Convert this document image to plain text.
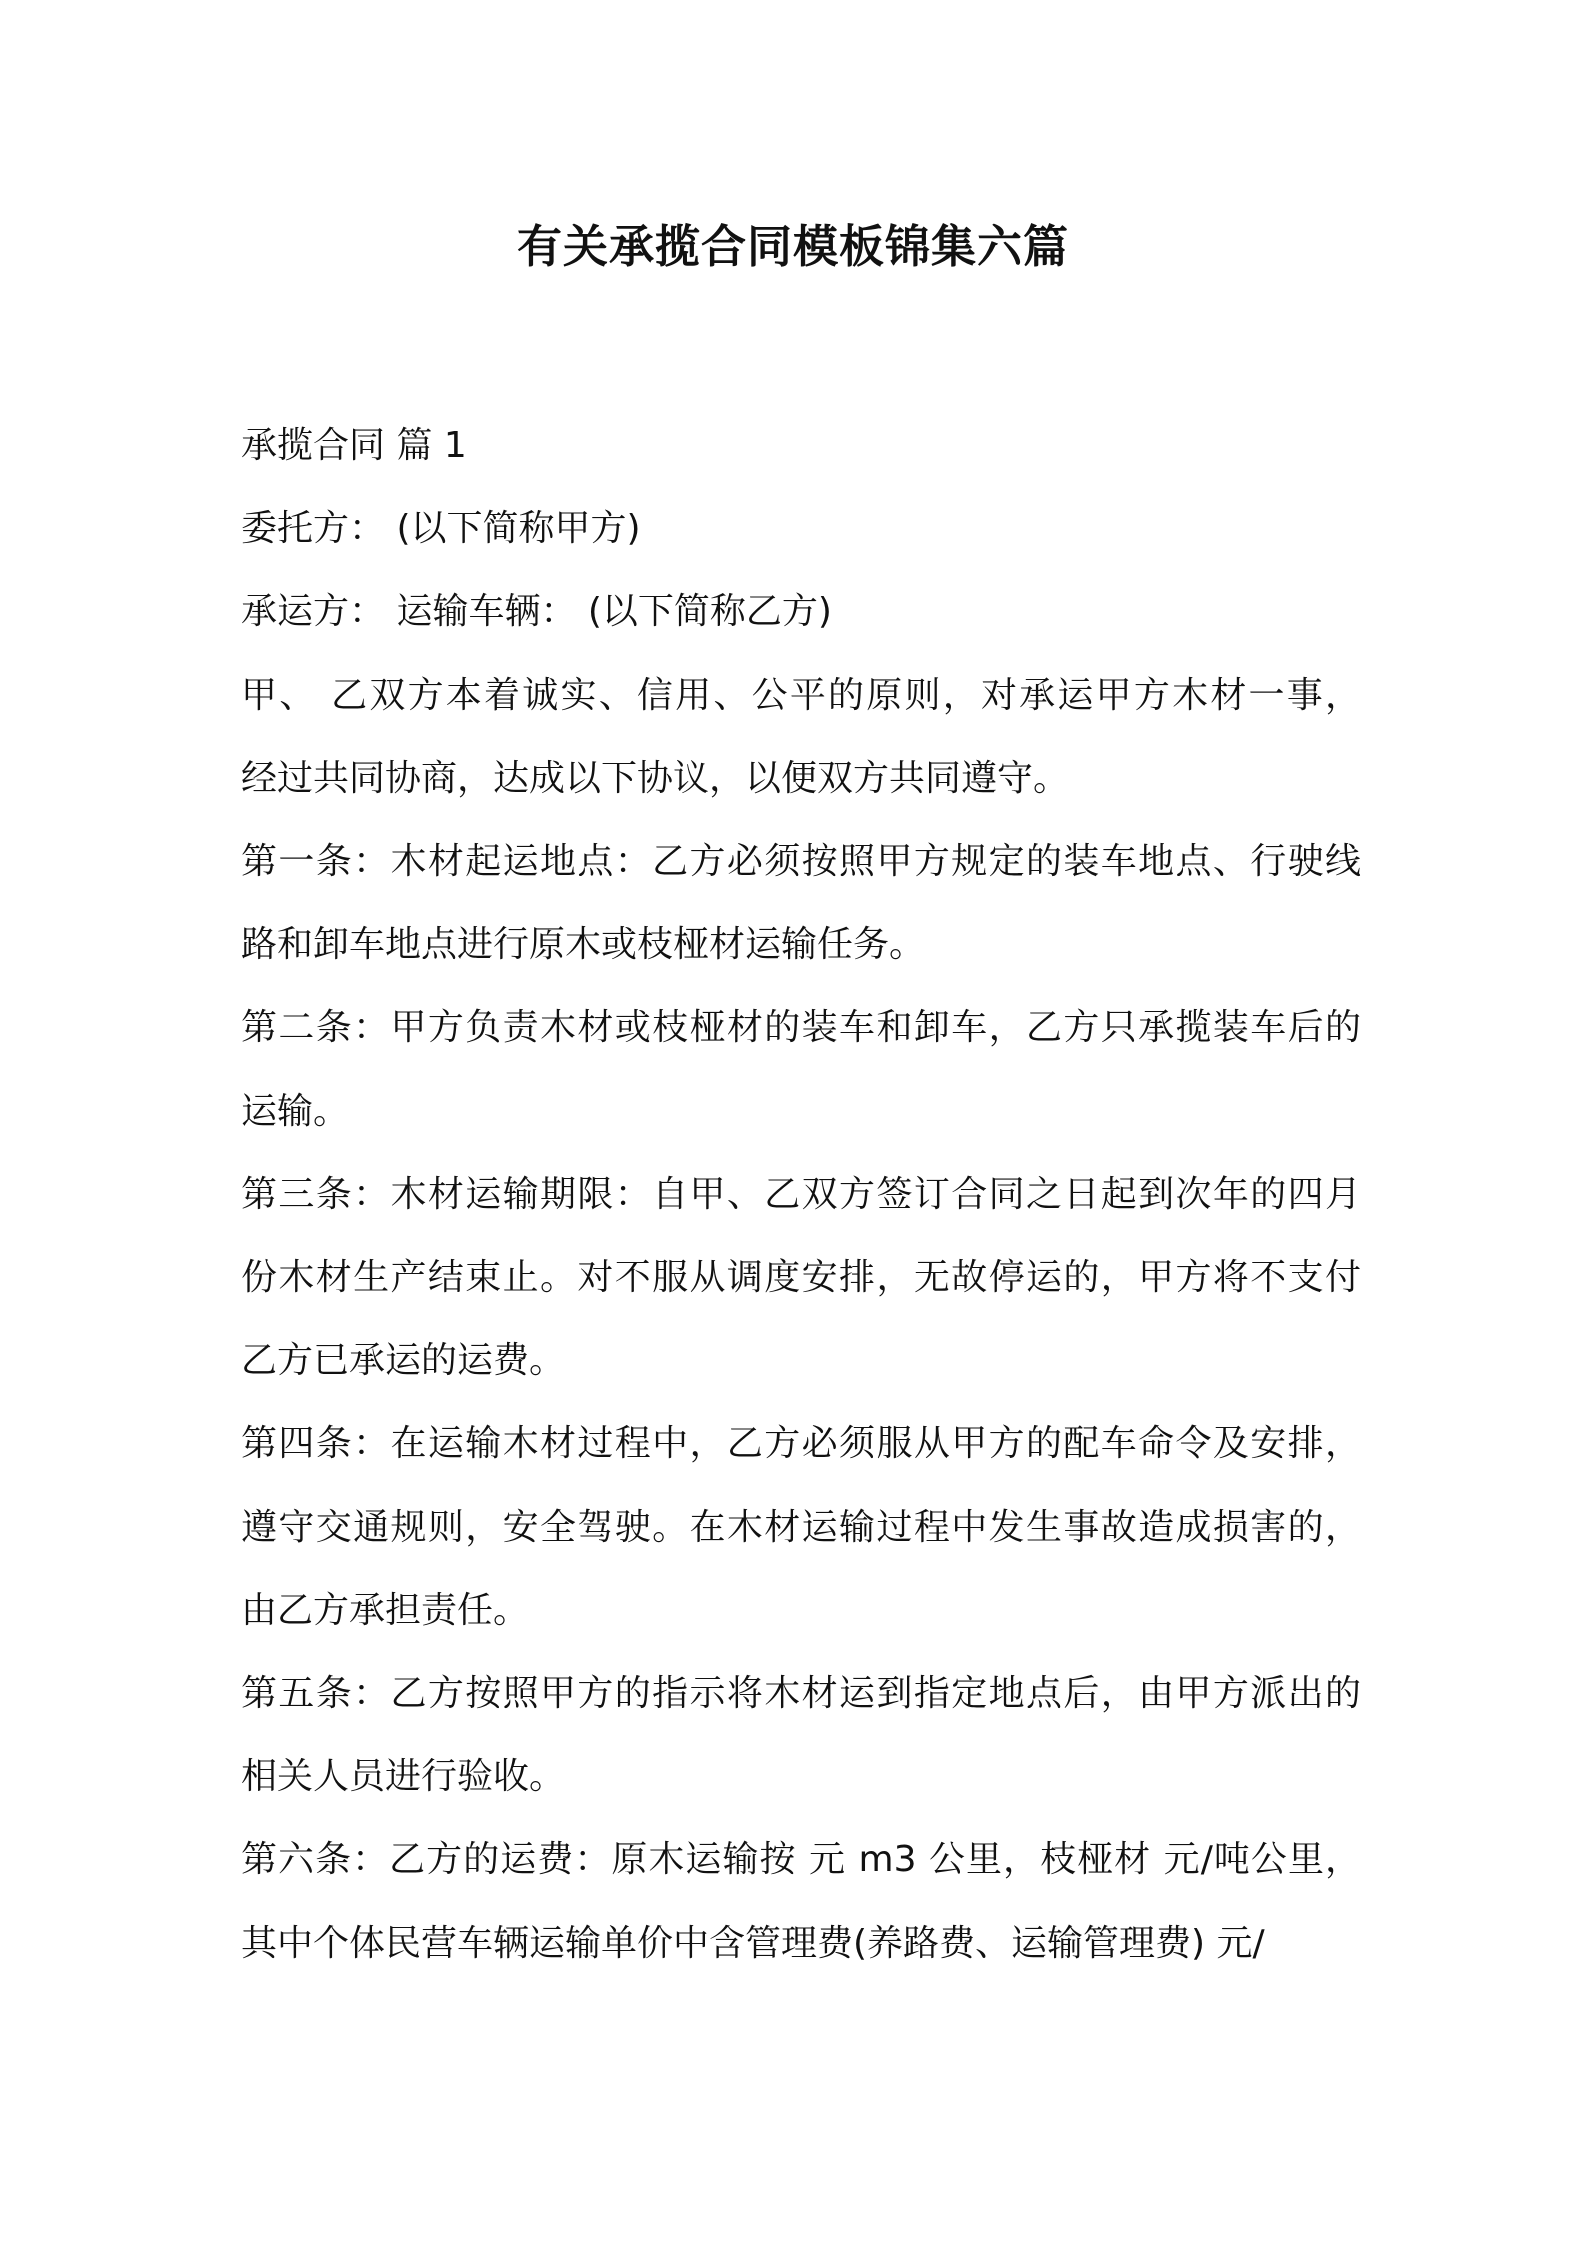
有关承揽合同模板锦集六篇

承揽合同 篇 1

委托方： (以下简称甲方)

承运方： 运输车辆： (以下简称乙方)

甲、 乙双方本着诚实、信用、公平的原则，对承运甲方木材一事，

经过共同协商，达成以下协议，以便双方共同遵守。

第一条：木材起运地点：乙方必须按照甲方规定的装车地点、行驶线

路和卸车地点进行原木或枝桠材运输任务。

第二条：甲方负责木材或枝桠材的装车和卸车，乙方只承揽装车后的

运输。

第三条：木材运输期限：自甲、乙双方签订合同之日起到次年的四月

份木材生产结束止。对不服从调度安排，无故停运的，甲方将不支付

乙方已承运的运费。

第四条：在运输木材过程中，乙方必须服从甲方的配车命令及安排，

遵守交通规则，安全驾驶。在木材运输过程中发生事故造成损害的，

由乙方承担责任。

第五条：乙方按照甲方的指示将木材运到指定地点后，由甲方派出的

相关人员进行验收。

第六条：乙方的运费：原木运输按 元 m3 公里，枝桠材 元/吨公里，

其中个体民营车辆运输单价中含管理费(养路费、运输管理费) 元/
